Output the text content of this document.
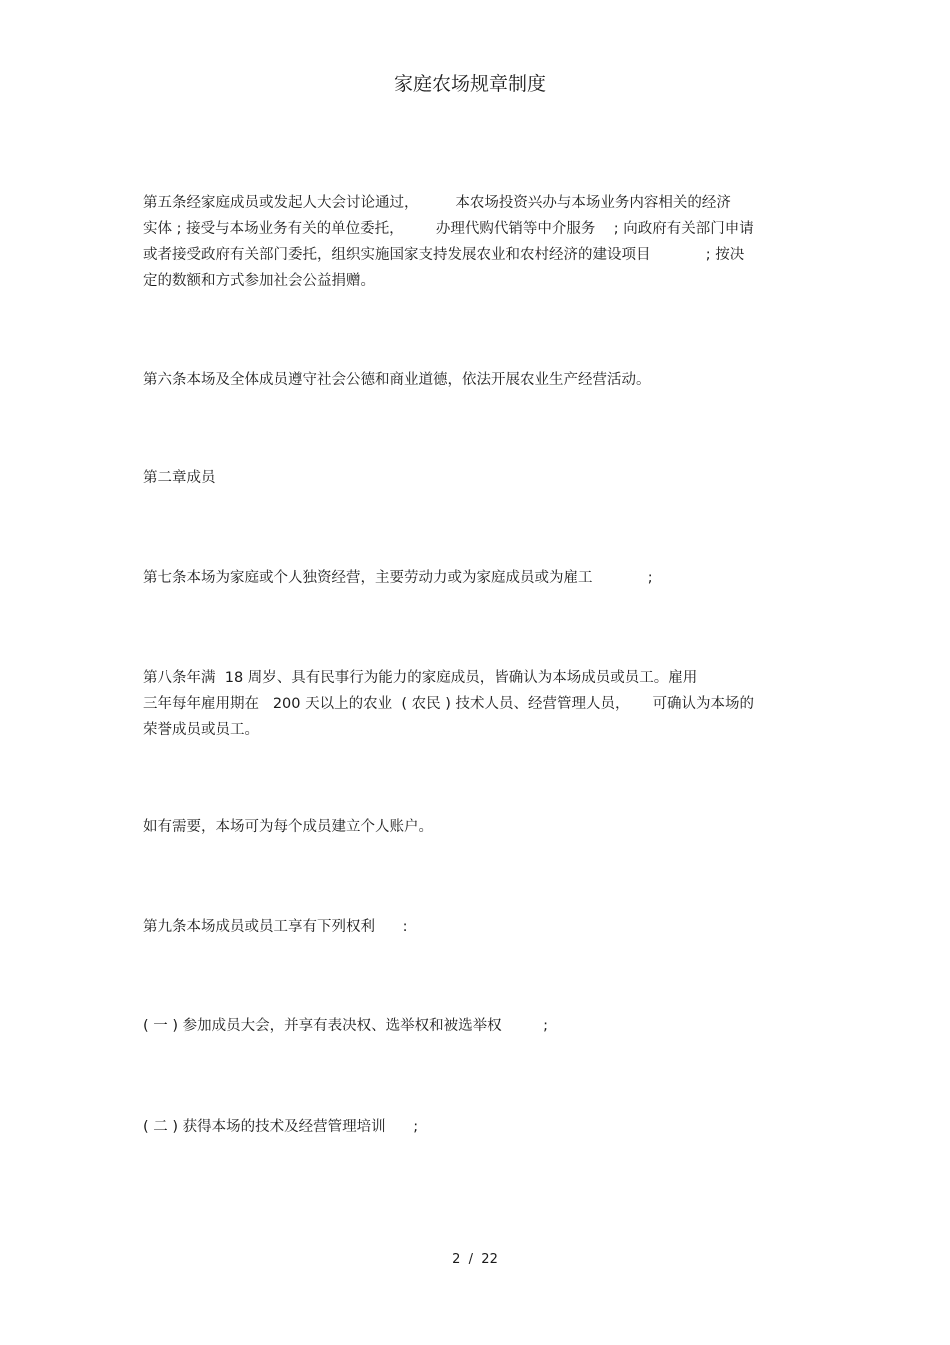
家庭农场规章制度
第五条经家庭成员或发起人大会讨论通过，        本农场投资兴办与本场业务内容相关的经济
实体 ; 接受与本场业务有关的单位委托，       办理代购代销等中介服务    ; 向政府有关部门申请
或者接受政府有关部门委托，组织实施国家支持发展农业和农村经济的建设项目            ; 按决
定的数额和方式参加社会公益捐赠。
第六条本场及全体成员遵守社会公德和商业道德，依法开展农业生产经营活动。
第二章成员
第七条本场为家庭或个人独资经营，主要劳动力或为家庭成员或为雇工            ;
第八条年满  18 周岁、具有民事行为能力的家庭成员，皆确认为本场成员或员工。雇用
三年每年雇用期在   200 天以上的农业  ( 农民 ) 技术人员、经营管理人员，     可确认为本场的
荣誉成员或员工。
如有需要，本场可为每个成员建立个人账户。
第九条本场成员或员工享有下列权利      :
( 一 ) 参加成员大会，并享有表决权、选举权和被选举权         ;
( 二 ) 获得本场的技术及经营管理培训      ;
2  /  22
